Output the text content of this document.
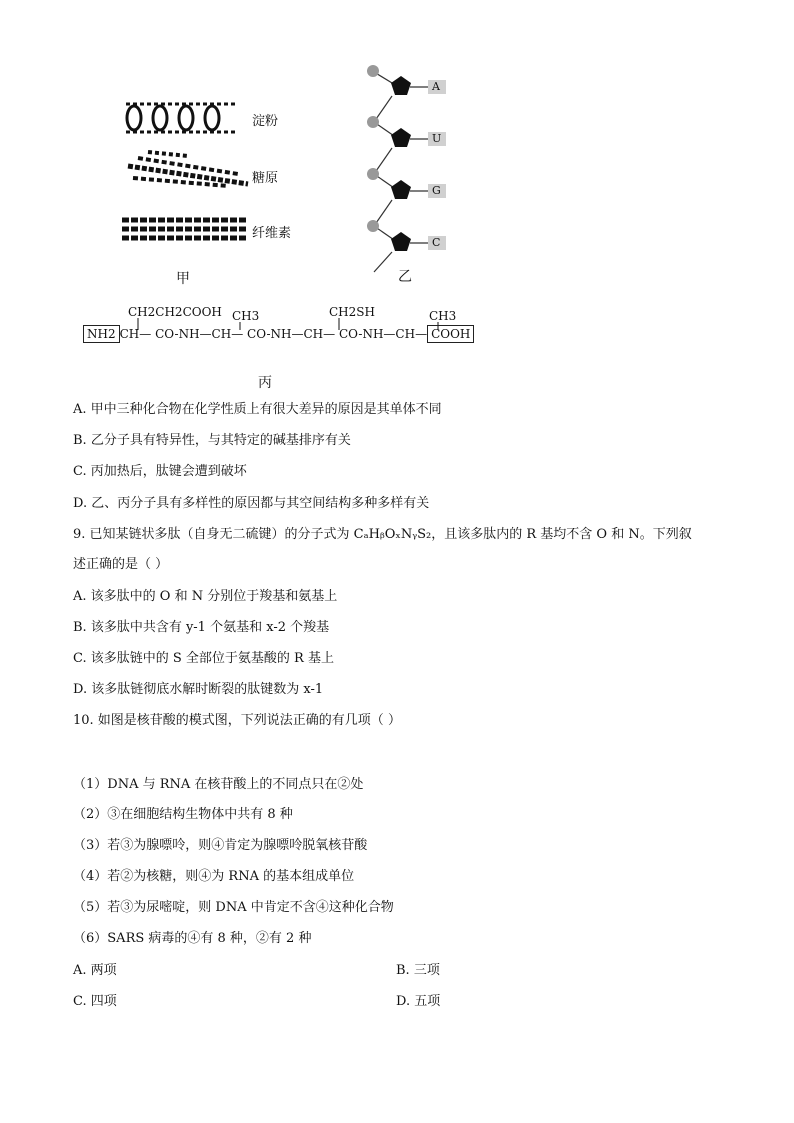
淀粉
糖原
纤维素
甲
A
U
G
C
乙
CH2CH2COOH CH3	CH2SH	CH3
NH2 CH— CO-NH—CH— CO-NH—CH— CO-NH—CH— COOH
丙
A. 甲中三种化合物在化学性质上有很大差异的原因是其单体不同
B. 乙分子具有特异性，与其特定的碱基排序有关
C. 丙加热后，肽键会遭到破坏
D. 乙、丙分子具有多样性的原因都与其空间结构多种多样有关
9. 已知某链状多肽（自身无二硫键）的分子式为 CₐHᵦOₓNᵧS₂，且该多肽内的 R 基均不含 O 和 N。下列叙
述正确的是（ ）
A. 该多肽中的 O 和 N 分别位于羧基和氨基上
B. 该多肽中共含有 y-1 个氨基和 x-2 个羧基
C. 该多肽链中的 S 全部位于氨基酸的 R 基上
D. 该多肽链彻底水解时断裂的肽键数为 x-1
10. 如图是核苷酸的模式图，下列说法正确的有几项（ ）
（1）DNA 与 RNA 在核苷酸上的不同点只在②处
（2）③在细胞结构生物体中共有 8 种
（3）若③为腺嘌呤，则④肯定为腺嘌呤脱氧核苷酸
（4）若②为核糖，则④为 RNA 的基本组成单位
（5）若③为尿嘧啶，则 DNA 中肯定不含④这种化合物
（6）SARS 病毒的④有 8 种，②有 2 种
A. 两项	B. 三项
C. 四项	D. 五项
